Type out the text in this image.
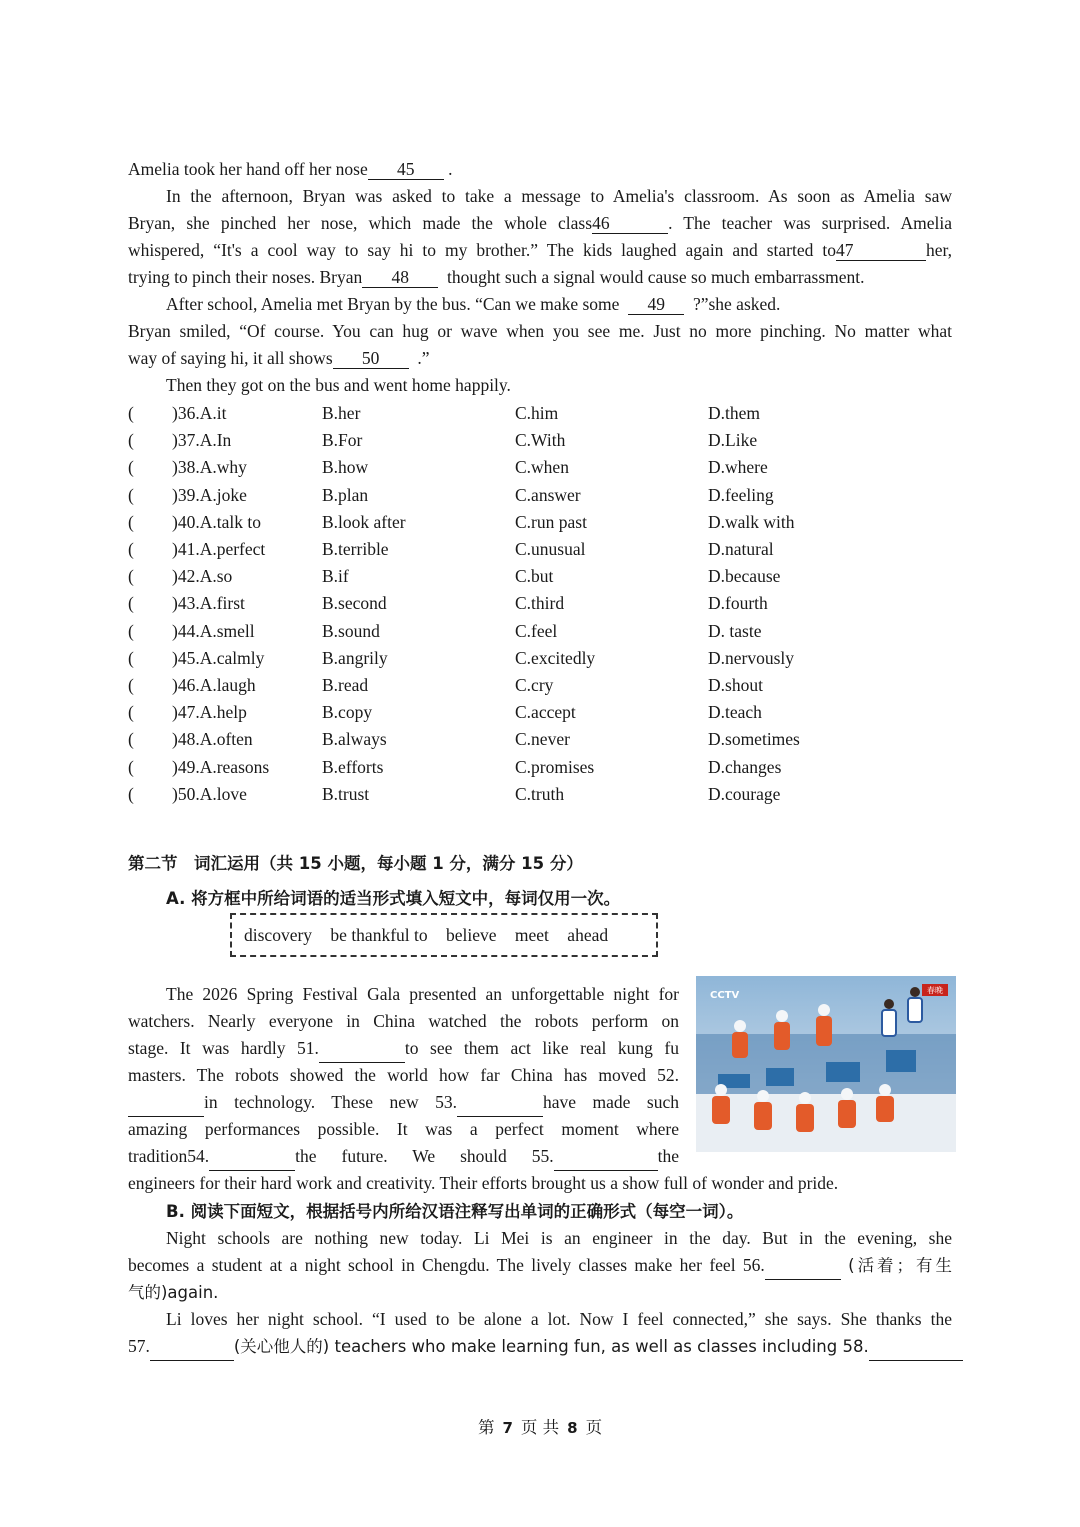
Amelia took her hand off her nose 45 .
In the afternoon, Bryan was asked to take a message to Amelia's classroom. As soon as Amelia saw
Bryan, she pinched her nose, which made the whole class46	. The teacher was surprised. Amelia
whispered, “It's a cool way to say hi to my brother.” The kids laughed again and started to47	her,
trying to pinch their noses. Bryan 48 thought such a signal would cause so much embarrassment.
After school, Amelia met Bryan by the bus. “Can we make some 49 ?”she asked.
Bryan smiled, “Of course. You can hug or wave when you see me. Just no more pinching. No matter what
way of saying hi, it all shows 50 .”
Then they got on the bus and went home happily.
( )36.A.it	B.her	C.him	D.them
( )37.A.In	B.For	C.With	D.Like
( )38.A.why	B.how	C.when	D.where
( )39.A.joke	B.plan	C.answer	D.feeling
( )40.A.talk to	B.look after	C.run past	D.walk with
( )41.A.perfect	B.terrible	C.unusual	D.natural
( )42.A.so	B.if	C.but	D.because
( )43.A.first	B.second	C.third	D.fourth
( )44.A.smell	B.sound	C.feel	D. taste
( )45.A.calmly	B.angrily	C.excitedly	D.nervously
( )46.A.laugh	B.read	C.cry	D.shout
( )47.A.help	B.copy	C.accept	D.teach
( )48.A.often	B.always	C.never	D.sometimes
( )49.A.reasons	B.efforts	C.promises	D.changes
( )50.A.love	B.trust	C.truth	D.courage
第二节　词汇运用（共 15 小题，每小题 1 分，满分 15 分）
A. 将方框中所给词语的适当形式填入短文中，每词仅用一次。
discovery be thankful to believe meet ahead
The 2026 Spring Festival Gala presented an unforgettable night for
watchers. Nearly everyone in China watched the robots perform on
stage. It was hardly 51.	to see them act like real kung fu
masters. The robots showed the world how far China has moved 52.
in technology. These new 53.	have made such
amazing performances possible. It was a perfect moment where
tradition54.	the future. We should 55.	the
engineers for their hard work and creativity. Their efforts brought us a show full of wonder and pride.
CCTV	春晚
B. 阅读下面短文，根据括号内所给汉语注释写出单词的正确形式（每空一词）。
Night schools are nothing new today. Li Mei is an engineer in the day. But in the evening, she
becomes a student at a night school in Chengdu. The lively classes make her feel 56.	(活着；有生
气的)again.
Li loves her night school. “I used to be alone a lot. Now I feel connected,” she says. She thanks the
57.	(关心他人的) teachers who make learning fun, as well as classes including 58.
第 7 页 共 8 页
